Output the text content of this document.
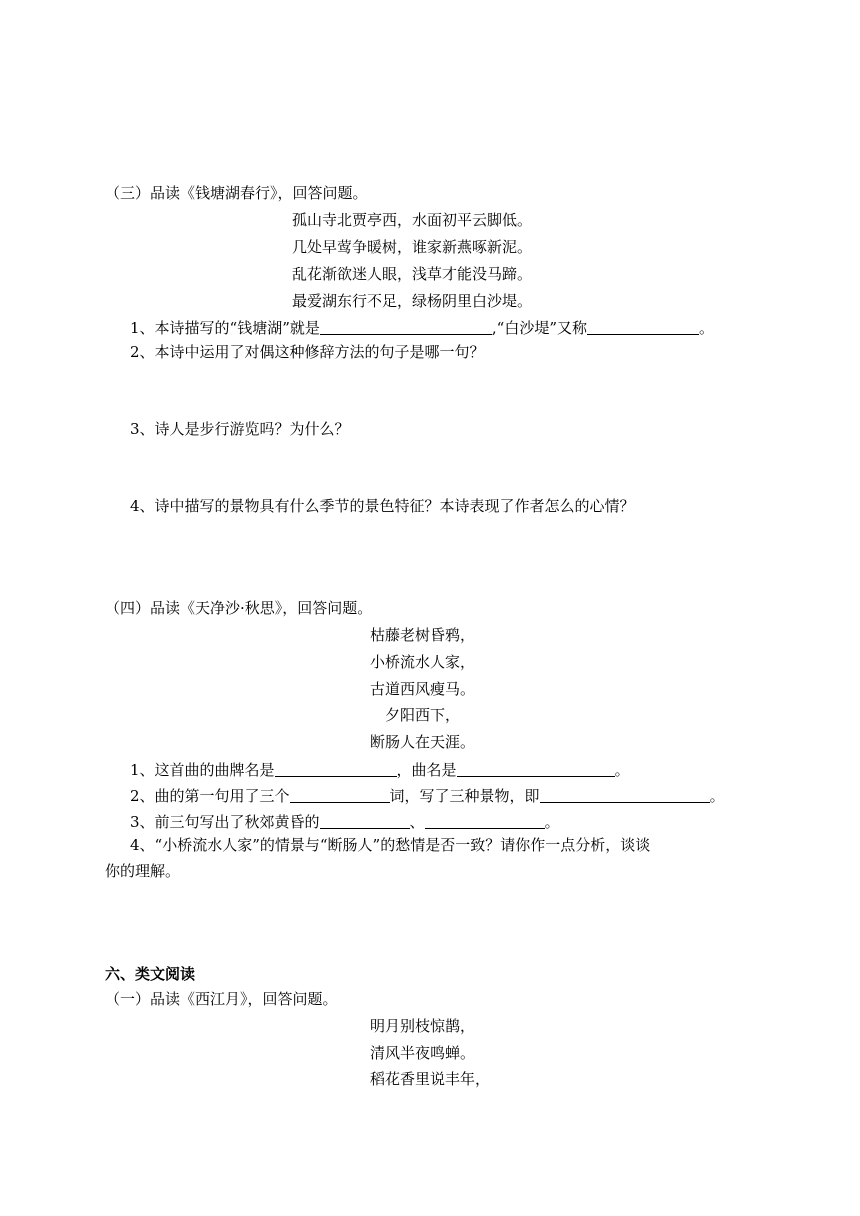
（三）品读《钱塘湖春行》，回答问题。
孤山寺北贾亭西，水面初平云脚低。
几处早莺争暖树，谁家新燕啄新泥。
乱花渐欲迷人眼，浅草才能没马蹄。
最爱湖东行不足，绿杨阴里白沙堤。
1、本诗描写的“钱塘湖”就是	,“白沙堤”又称	。
2、本诗中运用了对偶这种修辞方法的句子是哪一句？
3、诗人是步行游览吗？为什么？
4、诗中描写的景物具有什么季节的景色特征？本诗表现了作者怎么的心情？
（四）品读《天净沙·秋思》，回答问题。
枯藤老树昏鸦，
小桥流水人家，
古道西风瘦马。
夕阳西下，
断肠人在天涯。
1、这首曲的曲牌名是	，曲名是	。
2、曲的第一句用了三个	词，写了三种景物，即	。
3、前三句写出了秋郊黄昏的	、	。
4、“小桥流水人家”的情景与“断肠人”的愁情是否一致？请你作一点分析，谈谈
你的理解。
六、类文阅读
（一）品读《西江月》，回答问题。
明月别枝惊鹊，
清风半夜鸣蝉。
稻花香里说丰年，
